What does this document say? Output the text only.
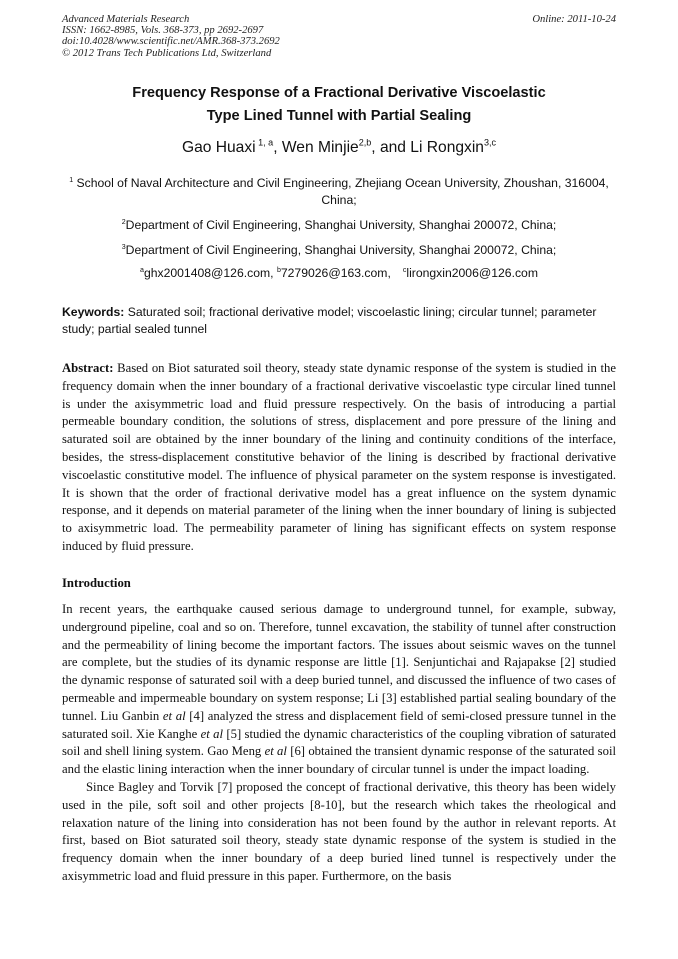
Advanced Materials Research
ISSN: 1662-8985, Vols. 368-373, pp 2692-2697
doi:10.4028/www.scientific.net/AMR.368-373.2692
© 2012 Trans Tech Publications Ltd, Switzerland
Online: 2011-10-24
Frequency Response of a Fractional Derivative Viscoelastic
Type Lined Tunnel with Partial Sealing
Gao Huaxi $^{1, a}$, Wen Minjie$^{2,b}$, and Li Rongxin$^{3,c}$
$^1$ School of Naval Architecture and Civil Engineering, Zhejiang Ocean University, Zhoushan, 316004, China;
$^2$Department of Civil Engineering, Shanghai University, Shanghai 200072, China;
$^3$Department of Civil Engineering, Shanghai University, Shanghai 200072, China;
$^a$ghx2001408@126.com, $^b$7279026@163.com, $^c$lirongxin2006@126.com
Keywords: Saturated soil; fractional derivative model; viscoelastic lining; circular tunnel; parameter study; partial sealed tunnel
Abstract: Based on Biot saturated soil theory, steady state dynamic response of the system is studied in the frequency domain when the inner boundary of a fractional derivative viscoelastic type circular lined tunnel is under the axisymmetric load and fluid pressure respectively. On the basis of introducing a partial permeable boundary condition, the solutions of stress, displacement and pore pressure of the lining and saturated soil are obtained by the inner boundary of the lining and continuity conditions of the interface, besides, the stress-displacement constitutive behavior of the lining is described by fractional derivative viscoelastic constitutive model. The influence of physical parameter on the system response is investigated. It is shown that the order of fractional derivative model has a great influence on the system dynamic response, and it depends on material parameter of the lining when the inner boundary of lining is subjected to axisymmetric load. The permeability parameter of lining has significant effects on system response induced by fluid pressure.
Introduction

In recent years, the earthquake caused serious damage to underground tunnel, for example, subway, underground pipeline, coal and so on. Therefore, tunnel excavation, the stability of tunnel after construction and the permeability of lining become the important factors. The issues about seismic waves on the tunnel are complete, but the studies of its dynamic response are little [1]. Senjuntichai and Rajapakse [2] studied the dynamic response of saturated soil with a deep buried tunnel, and discussed the influence of two cases of permeable and impermeable boundary on system response; Li [3] established partial sealing boundary of the tunnel. Liu Ganbin et al [4] analyzed the stress and displacement field of semi-closed pressure tunnel in the saturated soil. Xie Kanghe et al [5] studied the dynamic characteristics of the coupling vibration of saturated soil and shell lining system. Gao Meng et al [6] obtained the transient dynamic response of the saturated soil and the elastic lining interaction when the inner boundary of circular tunnel is under the impact loading.

Since Bagley and Torvik [7] proposed the concept of fractional derivative, this theory has been widely used in the pile, soft soil and other projects [8-10], but the research which takes the rheological and relaxation nature of the lining into consideration has not been found by the author in relevant reports. At first, based on Biot saturated soil theory, steady state dynamic response of the system is studied in the frequency domain when the inner boundary of a deep buried lined tunnel is respectively under the axisymmetric load and fluid pressure in this paper. Furthermore, on the basis
